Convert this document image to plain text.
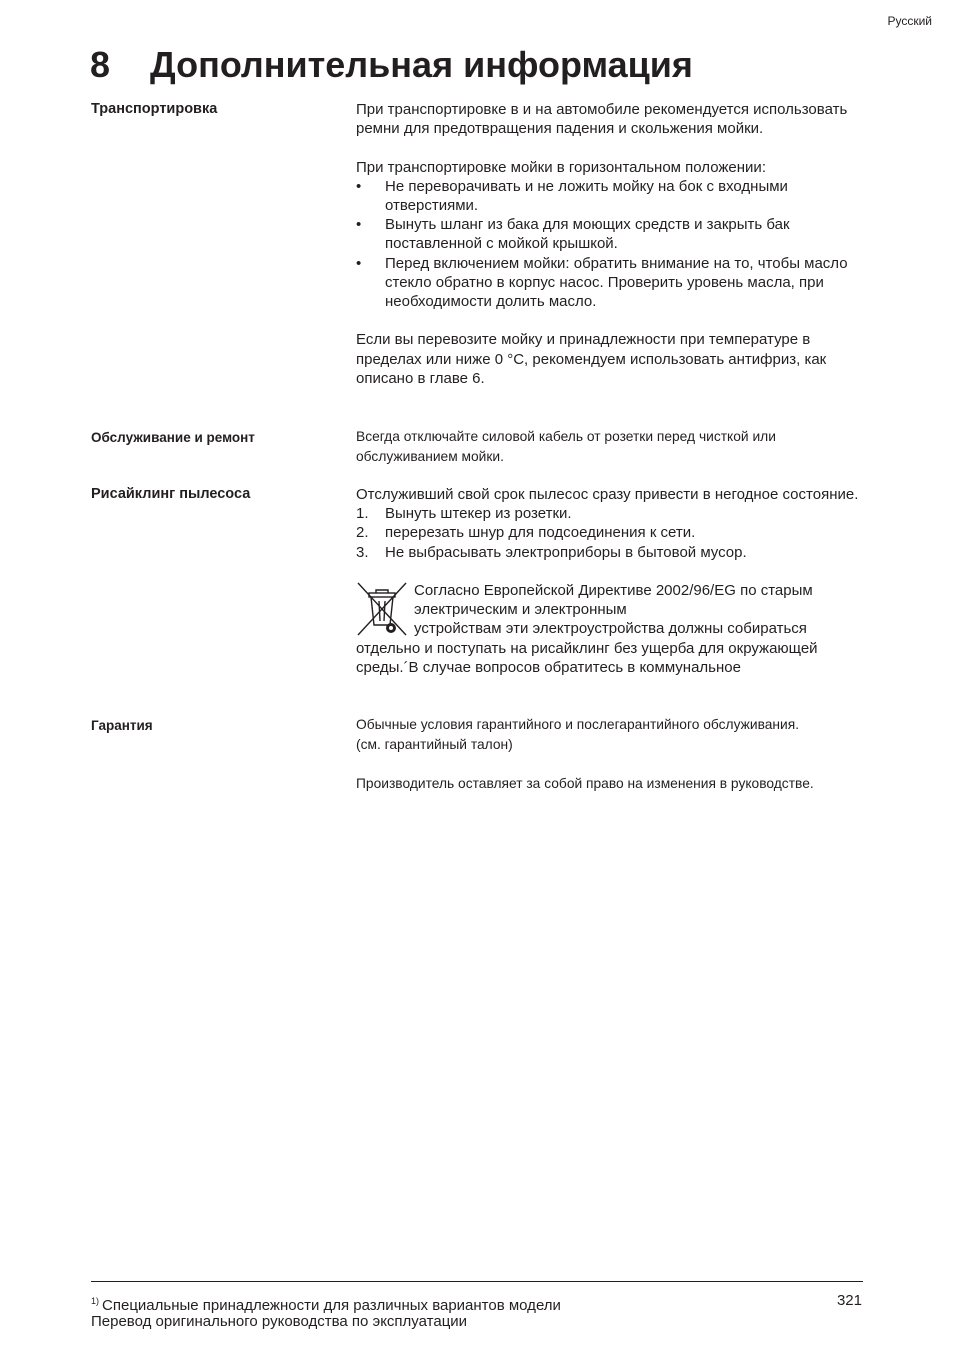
Русский
8 Дополнительная информация
Транспортировка	При транспортировке в и на автомобиле рекомендуется использовать ремни для предотвращения падения и скольжения мойки.

При транспортировке мойки в горизонтальном положении:

• Не переворачивать и не ложить мойку на бок с входными отверстиями.
• Вынуть шланг из бака для моющих средств и закрыть бак поставленной с мойкой крышкой.
• Перед включением мойки: обратить внимание на то, чтобы масло стекло обратно в корпус насос. Проверить уровень масла, при необходимости долить масло.

Если вы перевозите мойку и принадлежности при температуре в пределах или ниже 0 °С, рекомендуем использовать антифриз, как описано в главе 6.

Обслуживание и ремонт	Всегда отключайте силовой кабель от розетки перед чисткой или обслуживанием мойки.

Рисайклинг пылесоса	Отслуживший свой срок пылесос сразу привести в негодное состояние.

1. Вынуть штекер из розетки.
2. перерезать шнур для подсоединения к сети.
3. Не выбрасывать электроприборы в бытовой мусор.

Согласно Европейской Директиве 2002/96/EG по старым

электрическим и электронным

устройствам эти электроустройства должны собираться

отдельно и поступать на рисайклинг без ущерба для окружающей среды.´В случае вопросов обратитесь в коммунальное

Гарантия	Обычные условия гарантийного и послегарантийного обслуживания.

(см. гарантийный талон)

Производитель оставляет за собой право на изменения в руководстве.

$^{1)}$ Специальные принадлежности для различных вариантов модели
Перевод оригинального руководства по эксплуатации
321
